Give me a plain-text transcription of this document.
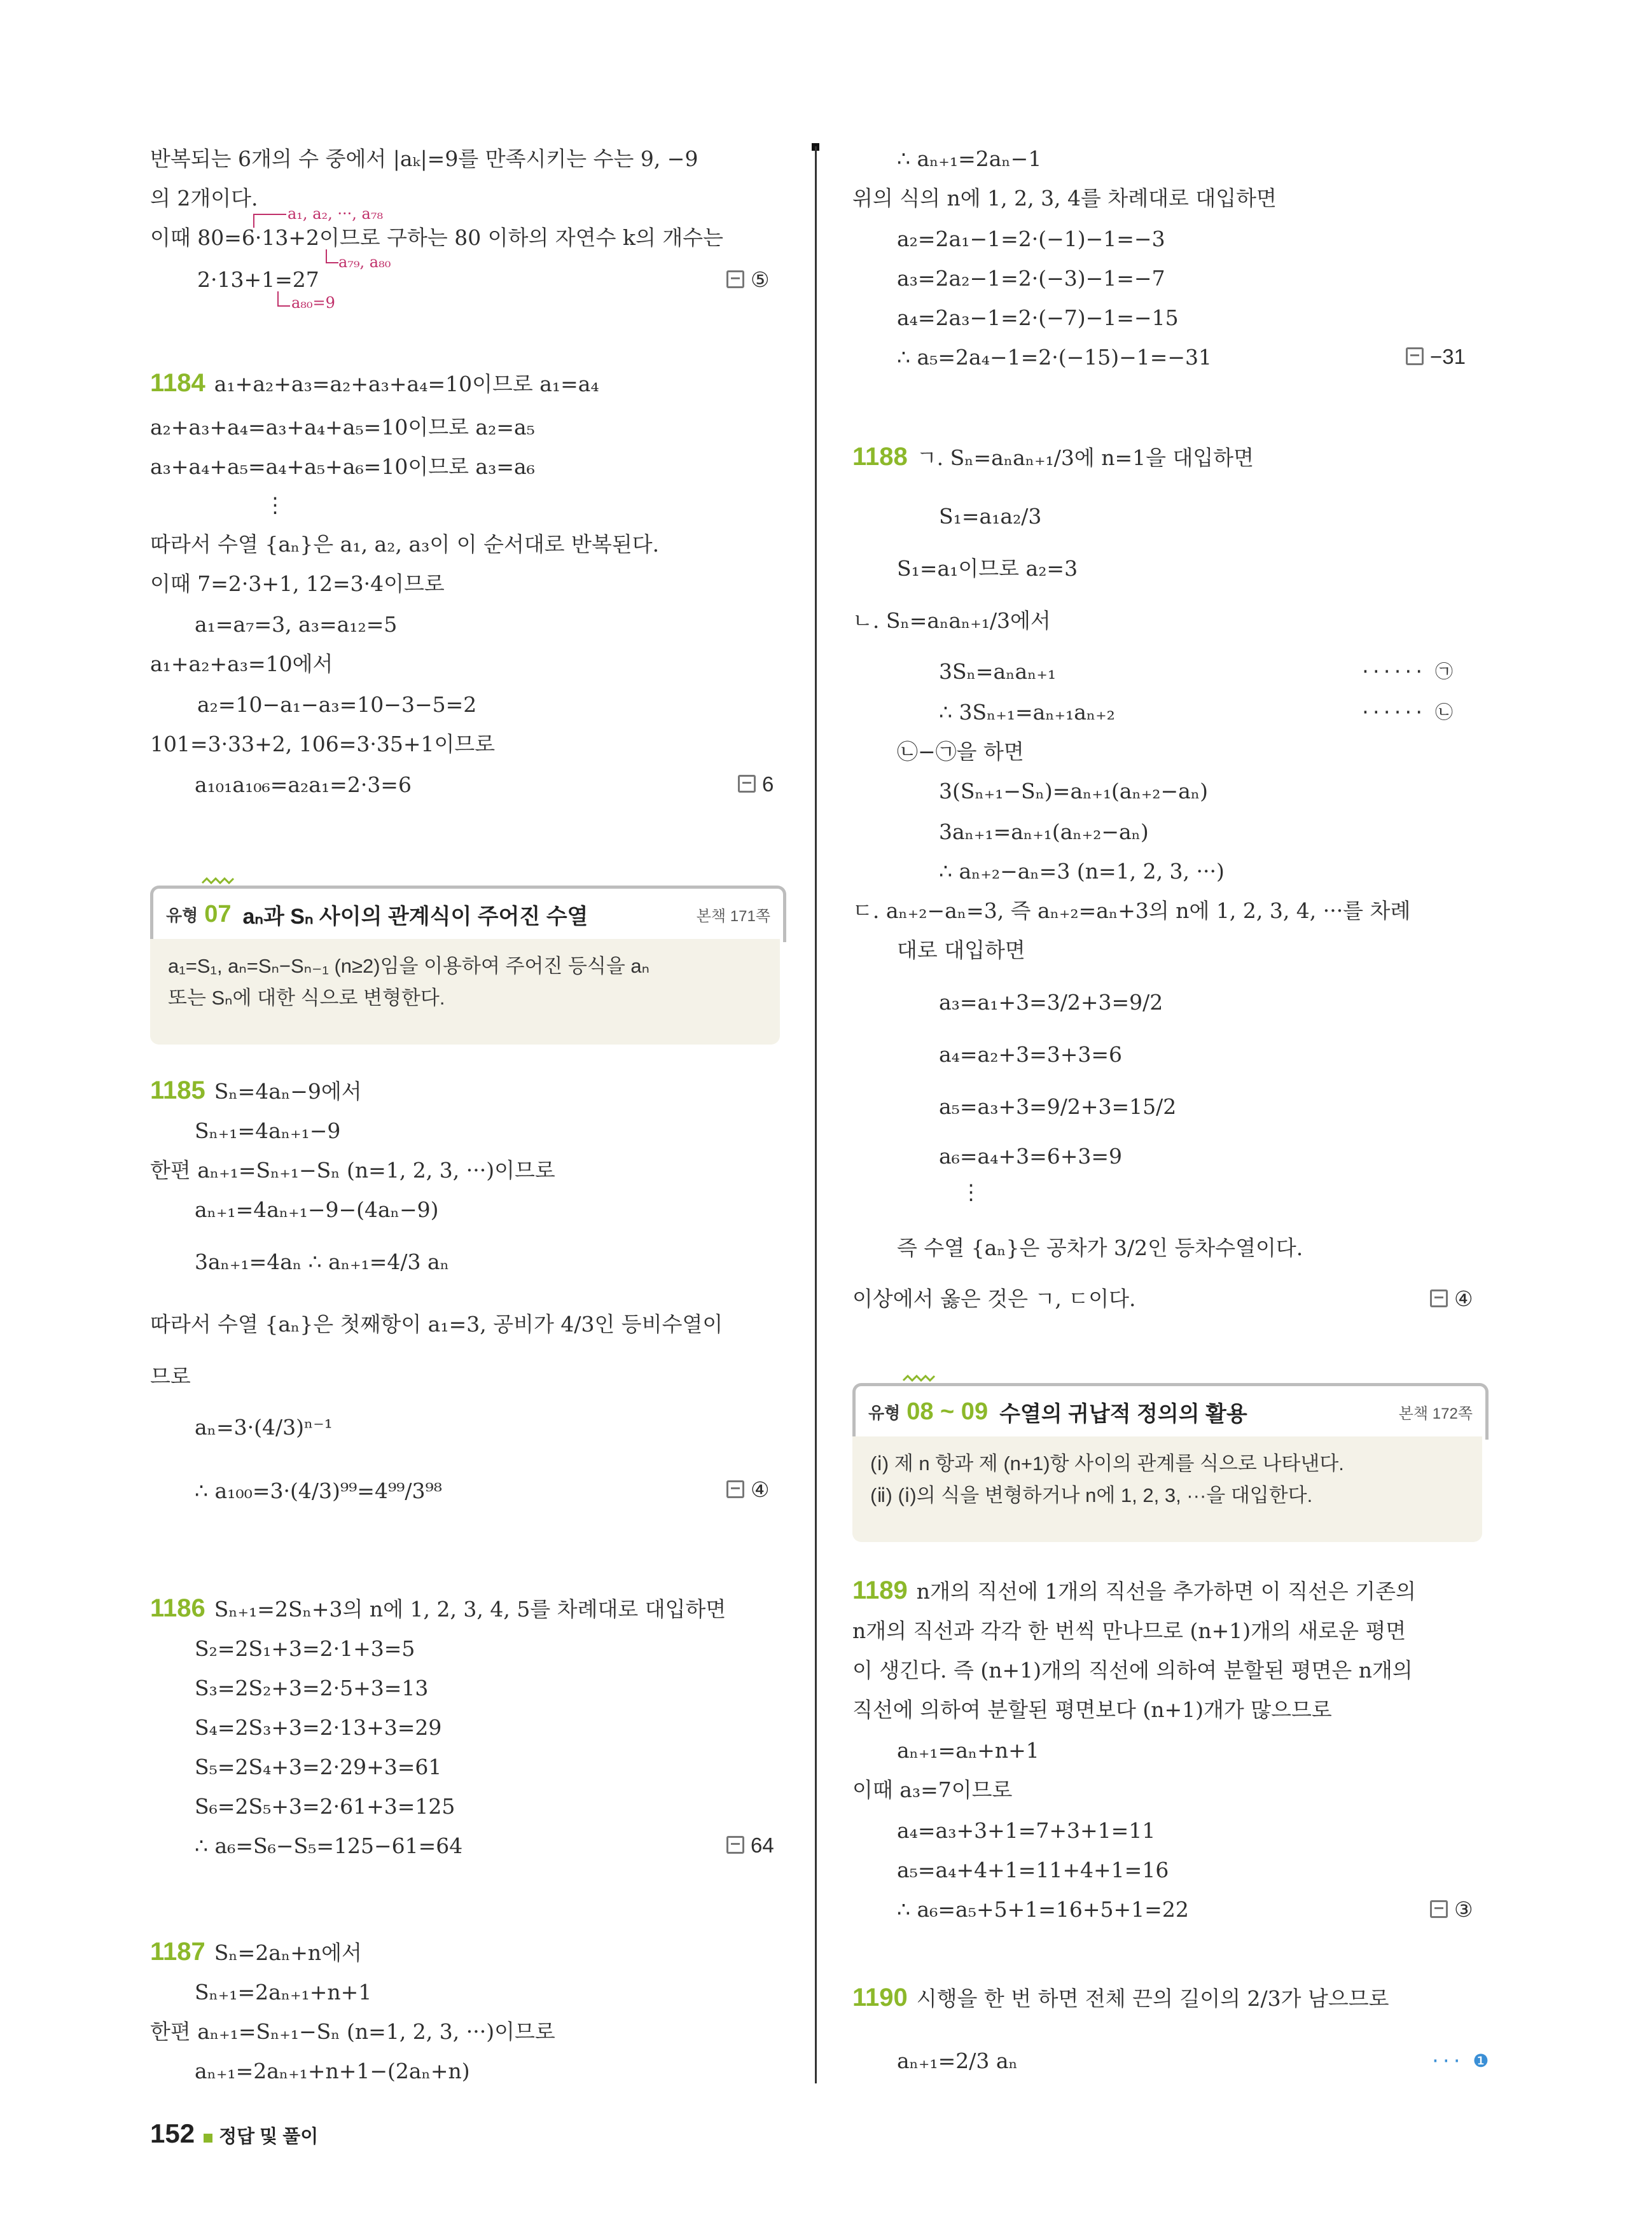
반복되는 6개의 수 중에서 |aₖ|=9를 만족시키는 수는 9, −9
의 2개이다.
a₁, a₂, ···, a₇₈
이때 80=6·13+2이므로 구하는 80 이하의 자연수 k의 개수는
a₇₉, a₈₀
2·13+1=27
a₈₀=9
⑤
1184 a₁+a₂+a₃=a₂+a₃+a₄=10이므로 a₁=a₄
a₂+a₃+a₄=a₃+a₄+a₅=10이므로 a₂=a₅
a₃+a₄+a₅=a₄+a₅+a₆=10이므로 a₃=a₆
⋮
따라서 수열 {aₙ}은 a₁, a₂, a₃이 이 순서대로 반복된다.
이때 7=2·3+1, 12=3·4이므로
a₁=a₇=3, a₃=a₁₂=5
a₁+a₂+a₃=10에서
a₂=10−a₁−a₃=10−3−5=2
101=3·33+2, 106=3·35+1이므로
a₁₀₁a₁₀₆=a₂a₁=2·3=6	6
유형 07 aₙ과 Sₙ 사이의 관계식이 주어진 수열	본책 171쪽
a₁=S₁, aₙ=Sₙ−Sₙ₋₁ (n≥2)임을 이용하여 주어진 등식을 aₙ
또는 Sₙ에 대한 식으로 변형한다.
1185 Sₙ=4aₙ−9에서
Sₙ₊₁=4aₙ₊₁−9
한편 aₙ₊₁=Sₙ₊₁−Sₙ (n=1, 2, 3, ···)이므로
aₙ₊₁=4aₙ₊₁−9−(4aₙ−9)
3aₙ₊₁=4aₙ ∴ aₙ₊₁=4/3 aₙ
따라서 수열 {aₙ}은 첫째항이 a₁=3, 공비가 4/3인 등비수열이
므로
aₙ=3·(4/3)ⁿ⁻¹
∴ a₁₀₀=3·(4/3)⁹⁹=4⁹⁹/3⁹⁸	④
1186 Sₙ₊₁=2Sₙ+3의 n에 1, 2, 3, 4, 5를 차례대로 대입하면
S₂=2S₁+3=2·1+3=5
S₃=2S₂+3=2·5+3=13
S₄=2S₃+3=2·13+3=29
S₅=2S₄+3=2·29+3=61
S₆=2S₅+3=2·61+3=125
∴ a₆=S₆−S₅=125−61=64	64
1187 Sₙ=2aₙ+n에서
Sₙ₊₁=2aₙ₊₁+n+1
한편 aₙ₊₁=Sₙ₊₁−Sₙ (n=1, 2, 3, ···)이므로
aₙ₊₁=2aₙ₊₁+n+1−(2aₙ+n)
∴ aₙ₊₁=2aₙ−1
위의 식의 n에 1, 2, 3, 4를 차례대로 대입하면
a₂=2a₁−1=2·(−1)−1=−3
a₃=2a₂−1=2·(−3)−1=−7
a₄=2a₃−1=2·(−7)−1=−15
∴ a₅=2a₄−1=2·(−15)−1=−31	−31
1188 ㄱ. Sₙ=aₙaₙ₊₁/3에 n=1을 대입하면
S₁=a₁a₂/3
S₁=a₁이므로 a₂=3
ㄴ. Sₙ=aₙaₙ₊₁/3에서
3Sₙ=aₙaₙ₊₁	······ ㉠
∴ 3Sₙ₊₁=aₙ₊₁aₙ₊₂	······ ㉡
㉡−㉠을 하면
3(Sₙ₊₁−Sₙ)=aₙ₊₁(aₙ₊₂−aₙ)
3aₙ₊₁=aₙ₊₁(aₙ₊₂−aₙ)
∴ aₙ₊₂−aₙ=3 (n=1, 2, 3, ···)
ㄷ. aₙ₊₂−aₙ=3, 즉 aₙ₊₂=aₙ+3의 n에 1, 2, 3, 4, ···를 차례
대로 대입하면
a₃=a₁+3=3/2+3=9/2
a₄=a₂+3=3+3=6
a₅=a₃+3=9/2+3=15/2
a₆=a₄+3=6+3=9
⋮
즉 수열 {aₙ}은 공차가 3/2인 등차수열이다.
이상에서 옳은 것은 ㄱ, ㄷ이다.	④
유형 08 ~ 09 수열의 귀납적 정의의 활용	본책 172쪽
(ⅰ) 제 n 항과 제 (n+1)항 사이의 관계를 식으로 나타낸다.
(ⅱ) (ⅰ)의 식을 변형하거나 n에 1, 2, 3, ···을 대입한다.
1189 n개의 직선에 1개의 직선을 추가하면 이 직선은 기존의
n개의 직선과 각각 한 번씩 만나므로 (n+1)개의 새로운 평면
이 생긴다. 즉 (n+1)개의 직선에 의하여 분할된 평면은 n개의
직선에 의하여 분할된 평면보다 (n+1)개가 많으므로
aₙ₊₁=aₙ+n+1
이때 a₃=7이므로
a₄=a₃+3+1=7+3+1=11
a₅=a₄+4+1=11+4+1=16
∴ a₆=a₅+5+1=16+5+1=22	③
1190 시행을 한 번 하면 전체 끈의 길이의 2/3가 남으므로
aₙ₊₁=2/3 aₙ	··· ❶
152 정답 및 풀이
